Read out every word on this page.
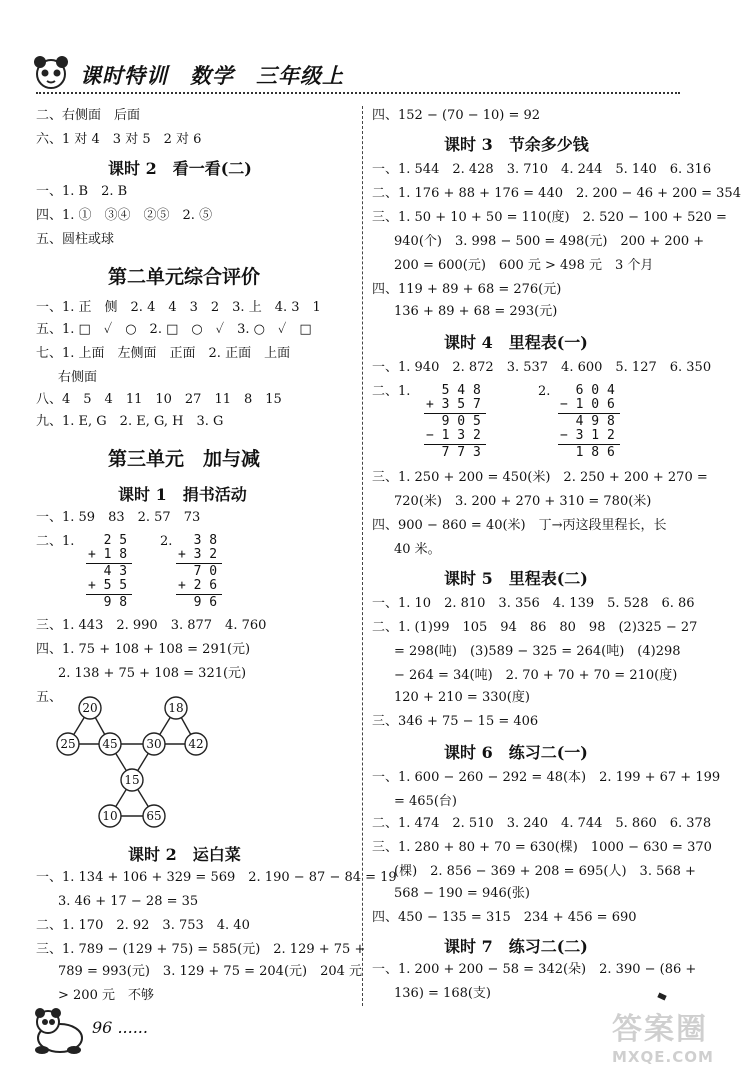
课时特训　数学　三年级上
二、右侧面　后面
六、1 对 4　3 对 5　2 对 6
课时 2　看一看(二)
一、1. B　2. B
四、1. ①　③④　②⑤　2. ⑤
五、圆柱或球
第二单元综合评价
一、1. 正　侧　2. 4　4　3　2　3. 上　4. 3　1
五、1. □　✓　○　2. □　○　✓　3. ○　✓　□
七、1. 上面　左侧面　正面　2. 正面　上面
右侧面
八、4　5　4　11　10　27　11　8　15
九、1. E, G　2. E, G, H　3. G
第三单元　加与减
课时 1　捐书活动
一、1. 59　83　2. 57　73
二、1.	2.
2 5
+ 1 8
4 3
+ 5 5
9 8
3 8
+ 3 2
7 0
+ 2 6
9 6
三、1. 443　2. 990　3. 877　4. 760
四、1. 75 + 108 + 108 = 291(元)
2. 138 + 75 + 108 = 321(元)
五、
20	18
25 45 30 42
15
10 65
课时 2　运白菜
一、1. 134 + 106 + 329 = 569　2. 190 − 87 − 84 = 19
3. 46 + 17 − 28 = 35
二、1. 170　2. 92　3. 753　4. 40
三、1. 789 − (129 + 75) = 585(元)　2. 129 + 75 +
789 = 993(元)　3. 129 + 75 = 204(元)　204 元
> 200 元　不够
四、152 − (70 − 10) = 92
课时 3　节余多少钱
一、1. 544　2. 428　3. 710　4. 244　5. 140　6. 316
二、1. 176 + 88 + 176 = 440　2. 200 − 46 + 200 = 354
三、1. 50 + 10 + 50 = 110(度)　2. 520 − 100 + 520 =
940(个)　3. 998 − 500 = 498(元)　200 + 200 +
200 = 600(元)　600 元 > 498 元　3 个月
四、119 + 89 + 68 = 276(元)
136 + 89 + 68 = 293(元)
课时 4　里程表(一)
一、1. 940　2. 872　3. 537　4. 600　5. 127　6. 350
二、1.	2.
5 4 8
+ 3 5 7
9 0 5
− 1 3 2
7 7 3
6 0 4
− 1 0 6
4 9 8
− 3 1 2
1 8 6
三、1. 250 + 200 = 450(米)　2. 250 + 200 + 270 =
720(米)　3. 200 + 270 + 310 = 780(米)
四、900 − 860 = 40(米)　丁→丙这段里程长，长
40 米。
课时 5　里程表(二)
一、1. 10　2. 810　3. 356　4. 139　5. 528　6. 86
二、1. (1)99　105　94　86　80　98　(2)325 − 27
= 298(吨)　(3)589 − 325 = 264(吨)　(4)298
− 264 = 34(吨)　2. 70 + 70 + 70 = 210(度)
120 + 210 = 330(度)
三、346 + 75 − 15 = 406
课时 6　练习二(一)
一、1. 600 − 260 − 292 = 48(本)　2. 199 + 67 + 199
= 465(台)
二、1. 474　2. 510　3. 240　4. 744　5. 860　6. 378
三、1. 280 + 80 + 70 = 630(棵)　1000 − 630 = 370
(棵)　2. 856 − 369 + 208 = 695(人)　3. 568 +
568 − 190 = 946(张)
四、450 − 135 = 315　234 + 456 = 690
课时 7　练习二(二)
一、1. 200 + 200 − 58 = 342(朵)　2. 390 − (86 +
136) = 168(支)
96 ......	答案圈
MXQE.COM
